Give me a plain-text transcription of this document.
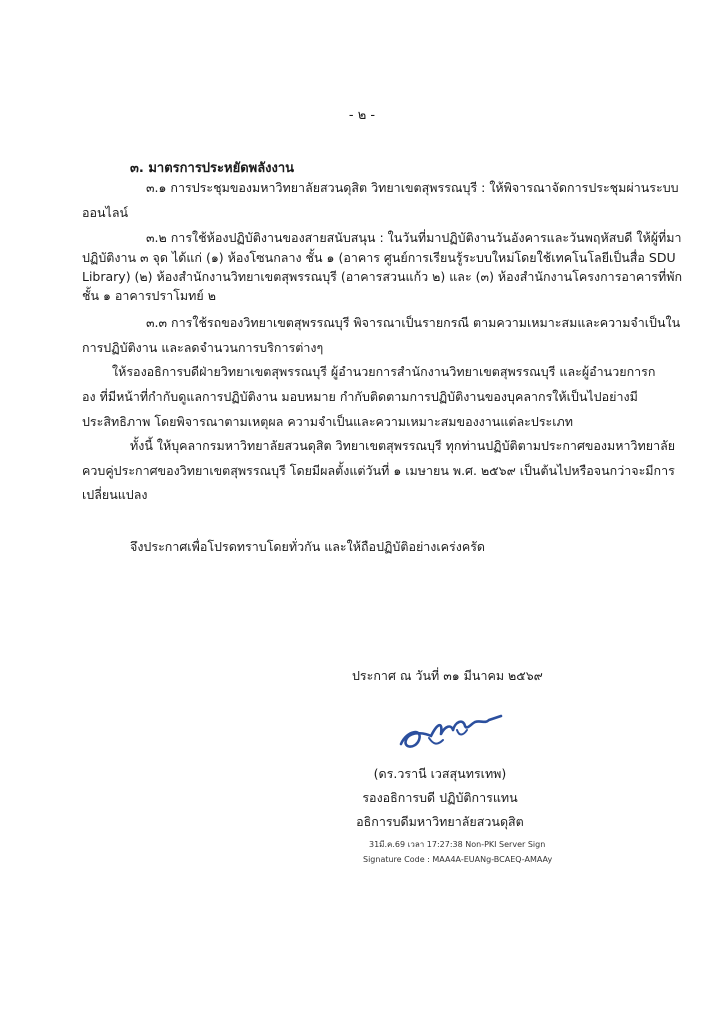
- ๒ -
๓. มาตรการประหยัดพลังงาน
๓.๑ การประชุมของมหาวิทยาลัยสวนดุสิต วิทยาเขตสุพรรณบุรี : ให้พิจารณาจัดการประชุมผ่านระบบ
ออนไลน์
๓.๒ การใช้ห้องปฏิบัติงานของสายสนับสนุน : ในวันที่มาปฏิบัติงานวันอังคารและวันพฤหัสบดี ให้ผู้ที่มา
ปฏิบัติงาน ๓ จุด ได้แก่ (๑) ห้องโซนกลาง ชั้น ๑ (อาคาร ศูนย์การเรียนรู้ระบบใหม่โดยใช้เทคโนโลยีเป็นสื่อ SDU
Library) (๒) ห้องสำนักงานวิทยาเขตสุพรรณบุรี (อาคารสวนแก้ว ๒) และ (๓) ห้องสำนักงานโครงการอาคารที่พัก
ชั้น ๑ อาคารปราโมทย์ ๒
๓.๓ การใช้รถของวิทยาเขตสุพรรณบุรี พิจารณาเป็นรายกรณี ตามความเหมาะสมและความจำเป็นใน
การปฏิบัติงาน และลดจำนวนการบริการต่างๆ
ให้รองอธิการบดีฝ่ายวิทยาเขตสุพรรณบุรี ผู้อำนวยการสำนักงานวิทยาเขตสุพรรณบุรี และผู้อำนวยการก
อง ที่มีหน้าที่กำกับดูแลการปฏิบัติงาน มอบหมาย กำกับติดตามการปฏิบัติงานของบุคลากรให้เป็นไปอย่างมี
ประสิทธิภาพ โดยพิจารณาตามเหตุผล ความจำเป็นและความเหมาะสมของงานแต่ละประเภท
ทั้งนี้ ให้บุคลากรมหาวิทยาลัยสวนดุสิต วิทยาเขตสุพรรณบุรี ทุกท่านปฏิบัติตามประกาศของมหาวิทยาลัย
ควบคู่ประกาศของวิทยาเขตสุพรรณบุรี โดยมีผลตั้งแต่วันที่ ๑ เมษายน พ.ศ. ๒๕๖๙ เป็นต้นไปหรือจนกว่าจะมีการ
เปลี่ยนแปลง
จึงประกาศเพื่อโปรดทราบโดยทั่วกัน และให้ถือปฏิบัติอย่างเคร่งครัด
ประกาศ ณ วันที่ ๓๑ มีนาคม ๒๕๖๙
(ดร.วรานี เวสสุนทรเทพ)
รองอธิการบดี ปฏิบัติการแทน
อธิการบดีมหาวิทยาลัยสวนดุสิต
31มี.ค.69 เวลา 17:27:38 Non-PKI Server Sign
Signature Code : MAA4A-EUANg-BCAEQ-AMAAy
